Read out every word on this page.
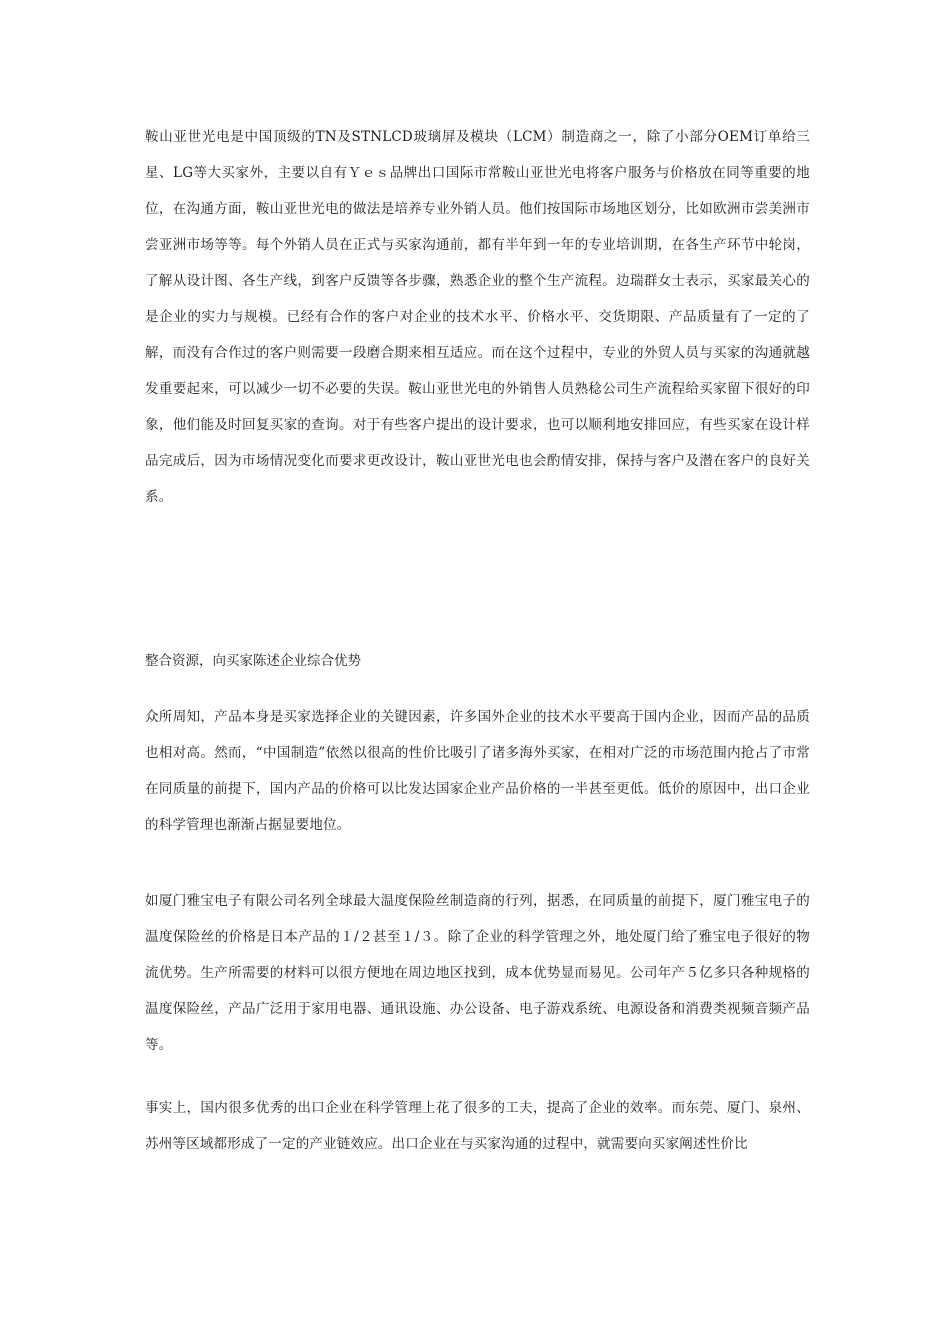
鞍山亚世光电是中国顶级的TN及STNLCD玻璃屏及模块（LCM）制造商之一，除了小部分OEM订单给三星、LG等大买家外，主要以自有Ｙｅｓ品牌出口国际市常鞍山亚世光电将客户服务与价格放在同等重要的地位，在沟通方面，鞍山亚世光电的做法是培养专业外销人员。他们按国际市场地区划分，比如欧洲市尝美洲市尝亚洲市场等等。每个外销人员在正式与买家沟通前，都有半年到一年的专业培训期，在各生产环节中轮岗，了解从设计图、各生产线，到客户反馈等各步骤，熟悉企业的整个生产流程。边瑞群女士表示，买家最关心的是企业的实力与规模。已经有合作的客户对企业的技术水平、价格水平、交货期限、产品质量有了一定的了解，而没有合作过的客户则需要一段磨合期来相互适应。而在这个过程中，专业的外贸人员与买家的沟通就越发重要起来，可以减少一切不必要的失误。鞍山亚世光电的外销售人员熟稔公司生产流程给买家留下很好的印象，他们能及时回复买家的查询。对于有些客户提出的设计要求，也可以顺利地安排回应，有些买家在设计样品完成后，因为市场情况变化而要求更改设计，鞍山亚世光电也会酌情安排，保持与客户及潜在客户的良好关系。

整合资源，向买家陈述企业综合优势

众所周知，产品本身是买家选择企业的关键因素，许多国外企业的技术水平要高于国内企业，因而产品的品质也相对高。然而，“中国制造”依然以很高的性价比吸引了诸多海外买家，在相对广泛的市场范围内抢占了市常在同质量的前提下，国内产品的价格可以比发达国家企业产品价格的一半甚至更低。低价的原因中，出口企业的科学管理也渐渐占据显要地位。

如厦门雅宝电子有限公司名列全球最大温度保险丝制造商的行列，据悉，在同质量的前提下，厦门雅宝电子的温度保险丝的价格是日本产品的１/２甚至１/３。除了企业的科学管理之外，地处厦门给了雅宝电子很好的物流优势。生产所需要的材料可以很方便地在周边地区找到，成本优势显而易见。公司年产５亿多只各种规格的温度保险丝，产品广泛用于家用电器、通讯设施、办公设备、电子游戏系统、电源设备和消费类视频音频产品等。

事实上，国内很多优秀的出口企业在科学管理上花了很多的工夫，提高了企业的效率。而东莞、厦门、泉州、苏州等区域都形成了一定的产业链效应。出口企业在与买家沟通的过程中，就需要向买家阐述性价比
